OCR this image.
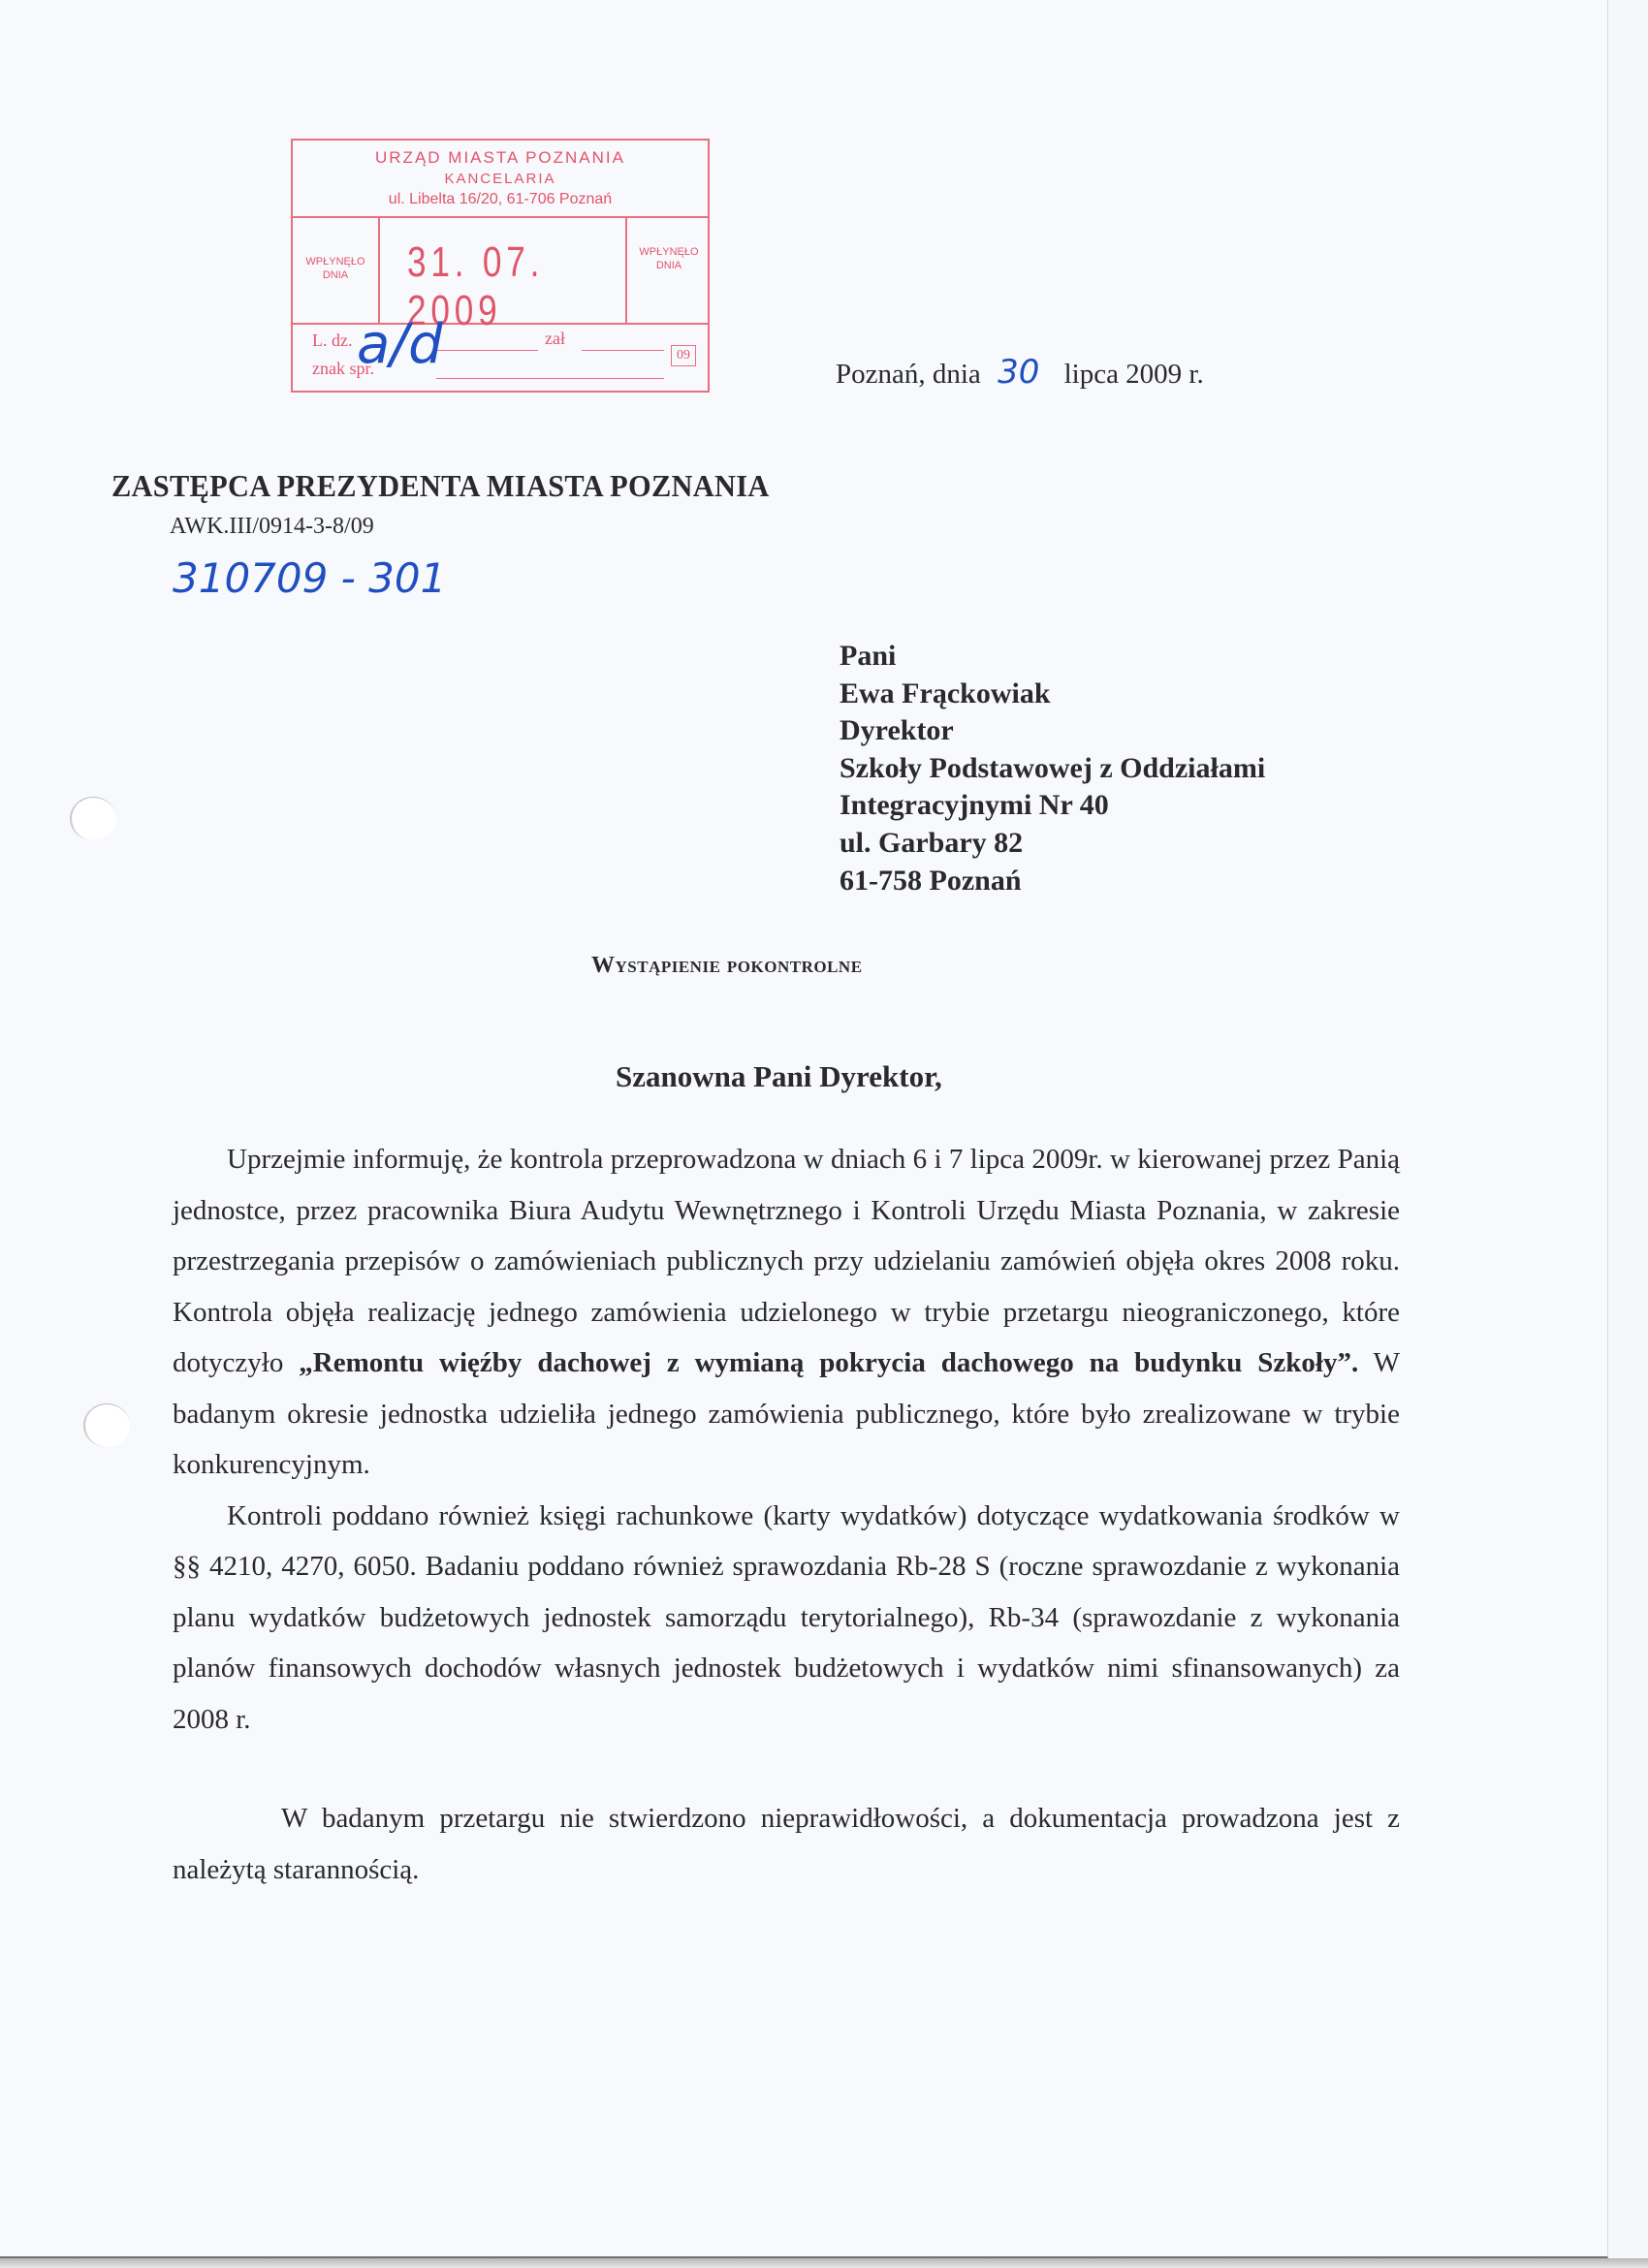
URZĄD MIASTA POZNANIA
KANCELARIA
ul. Libelta 16/20, 61-706 Poznań
WPŁYNĘŁO DNIA	31. 07. 2009
WPŁYNĘŁO DNIA
L. dz.	zał
znak spr.
09
a/d	Poznań, dnia 30 lipca 2009 r.
ZASTĘPCA PREZYDENTA MIASTA POZNANIA
AWK.III/0914-3-8/09
310709 - 301
Pani
Ewa Frąckowiak
Dyrektor
Szkoły Podstawowej z Oddziałami
Integracyjnymi Nr 40
ul. Garbary 82
61-758 Poznań
Wystąpienie pokontrolne
Szanowna Pani Dyrektor,

Uprzejmie informuję, że kontrola przeprowadzona w dniach 6 i 7 lipca 2009r. w kierowanej przez Panią jednostce, przez pracownika Biura Audytu Wewnętrznego i Kontroli Urzędu Miasta Poznania, w zakresie przestrzegania przepisów o zamówieniach publicznych przy udzielaniu zamówień objęła okres 2008 roku. Kontrola objęła realizację jednego zamówienia udzielonego w trybie przetargu nieograniczonego, które dotyczyło „Remontu więźby dachowej z wymianą pokrycia dachowego na budynku Szkoły”. W badanym okresie jednostka udzieliła jednego zamówienia publicznego, które było zrealizowane w trybie konkurencyjnym.

Kontroli poddano również księgi rachunkowe (karty wydatków) dotyczące wydatkowania środków w §§ 4210, 4270, 6050. Badaniu poddano również sprawozdania Rb-28 S (roczne sprawozdanie z wykonania planu wydatków budżetowych jednostek samorządu terytorialnego), Rb-34 (sprawozdanie z wykonania planów finansowych dochodów własnych jednostek budżetowych i wydatków nimi sfinansowanych) za 2008 r.

W badanym przetargu nie stwierdzono nieprawidłowości, a dokumentacja prowadzona jest z należytą starannością.
